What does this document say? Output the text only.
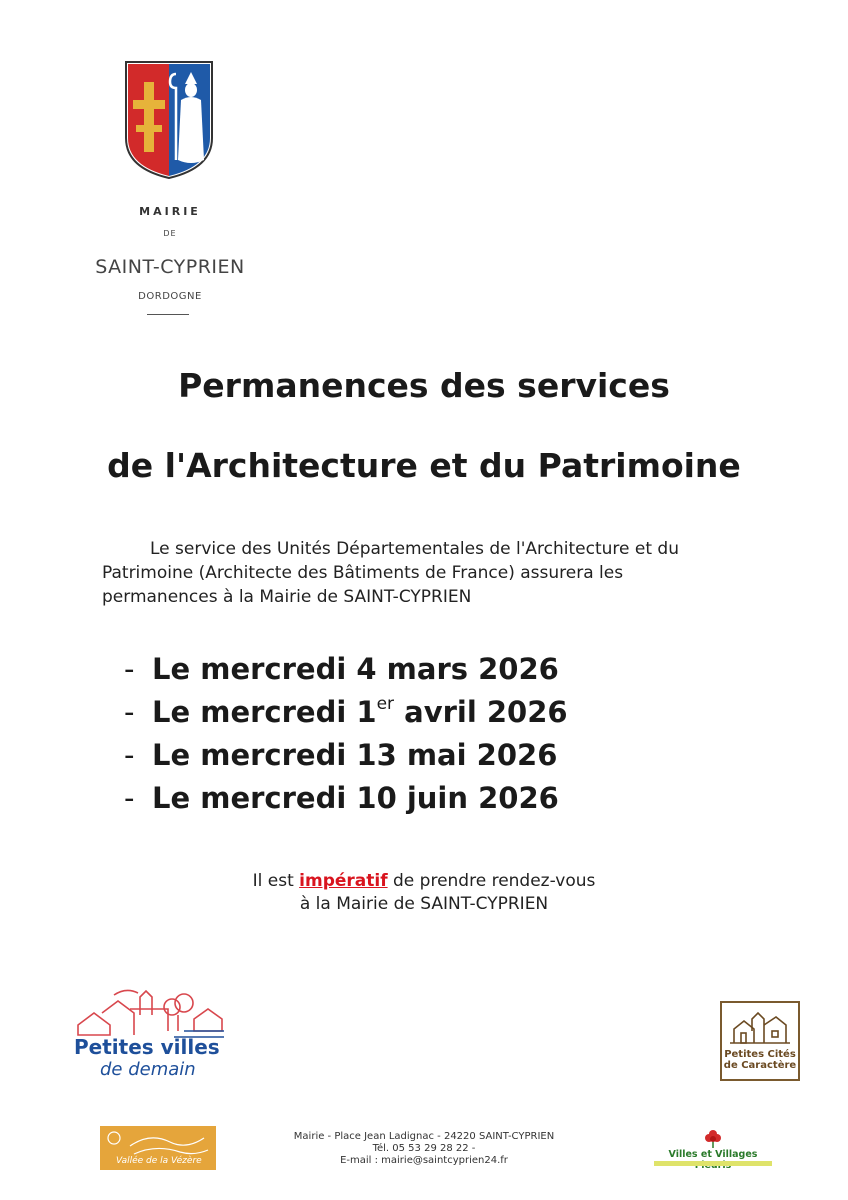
MAIRIE
DE
SAINT-CYPRIEN
DORDOGNE
Permanences des services
de l'Architecture et du Patrimoine
Le service des Unités Départementales de l'Architecture et du
Patrimoine (Architecte des Bâtiments de France) assurera les
permanences à la Mairie de SAINT-CYPRIEN
- Le mercredi 4 mars 2026
- Le mercredi 1er avril 2026
- Le mercredi 13 mai 2026
- Le mercredi 10 juin 2026
Il est impératif de prendre rendez-vous
à la Mairie de SAINT-CYPRIEN
Petites villes
de demain
Petites Cités
de Caractère
Vallée de la Vézère
Mairie - Place Jean Ladignac - 24220 SAINT-CYPRIEN
Tél. 05 53 29 28 22 -
E-mail : mairie@saintcyprien24.fr
Villes et Villages
